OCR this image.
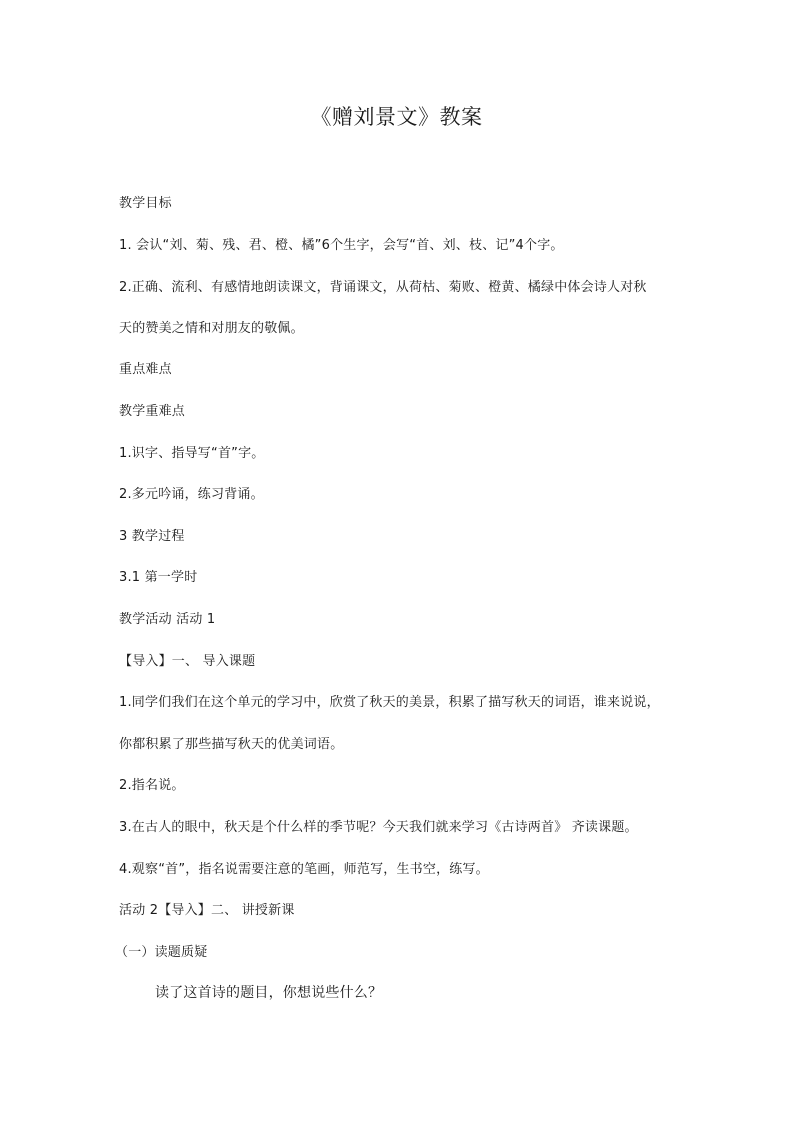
《赠刘景文》教案
教学目标
1. 会认“刘、菊、残、君、橙、橘”6个生字，会写“首、刘、枝、记”4个字。
2.正确、流利、有感情地朗读课文，背诵课文，从荷枯、菊败、橙黄、橘绿中体会诗人对秋
天的赞美之情和对朋友的敬佩。
重点难点
教学重难点
1.识字、指导写“首”字。
2.多元吟诵，练习背诵。
3 教学过程
3.1 第一学时
教学活动 活动 1
【导入】一、 导入课题
1.同学们我们在这个单元的学习中，欣赏了秋天的美景，积累了描写秋天的词语，谁来说说，
你都积累了那些描写秋天的优美词语。
2.指名说。
3.在古人的眼中，秋天是个什么样的季节呢？今天我们就来学习《古诗两首》 齐读课题。
4.观察“首”，指名说需要注意的笔画，师范写，生书空，练写。
活动 2【导入】二、 讲授新课
（一）读题质疑
读了这首诗的题目，你想说些什么？
